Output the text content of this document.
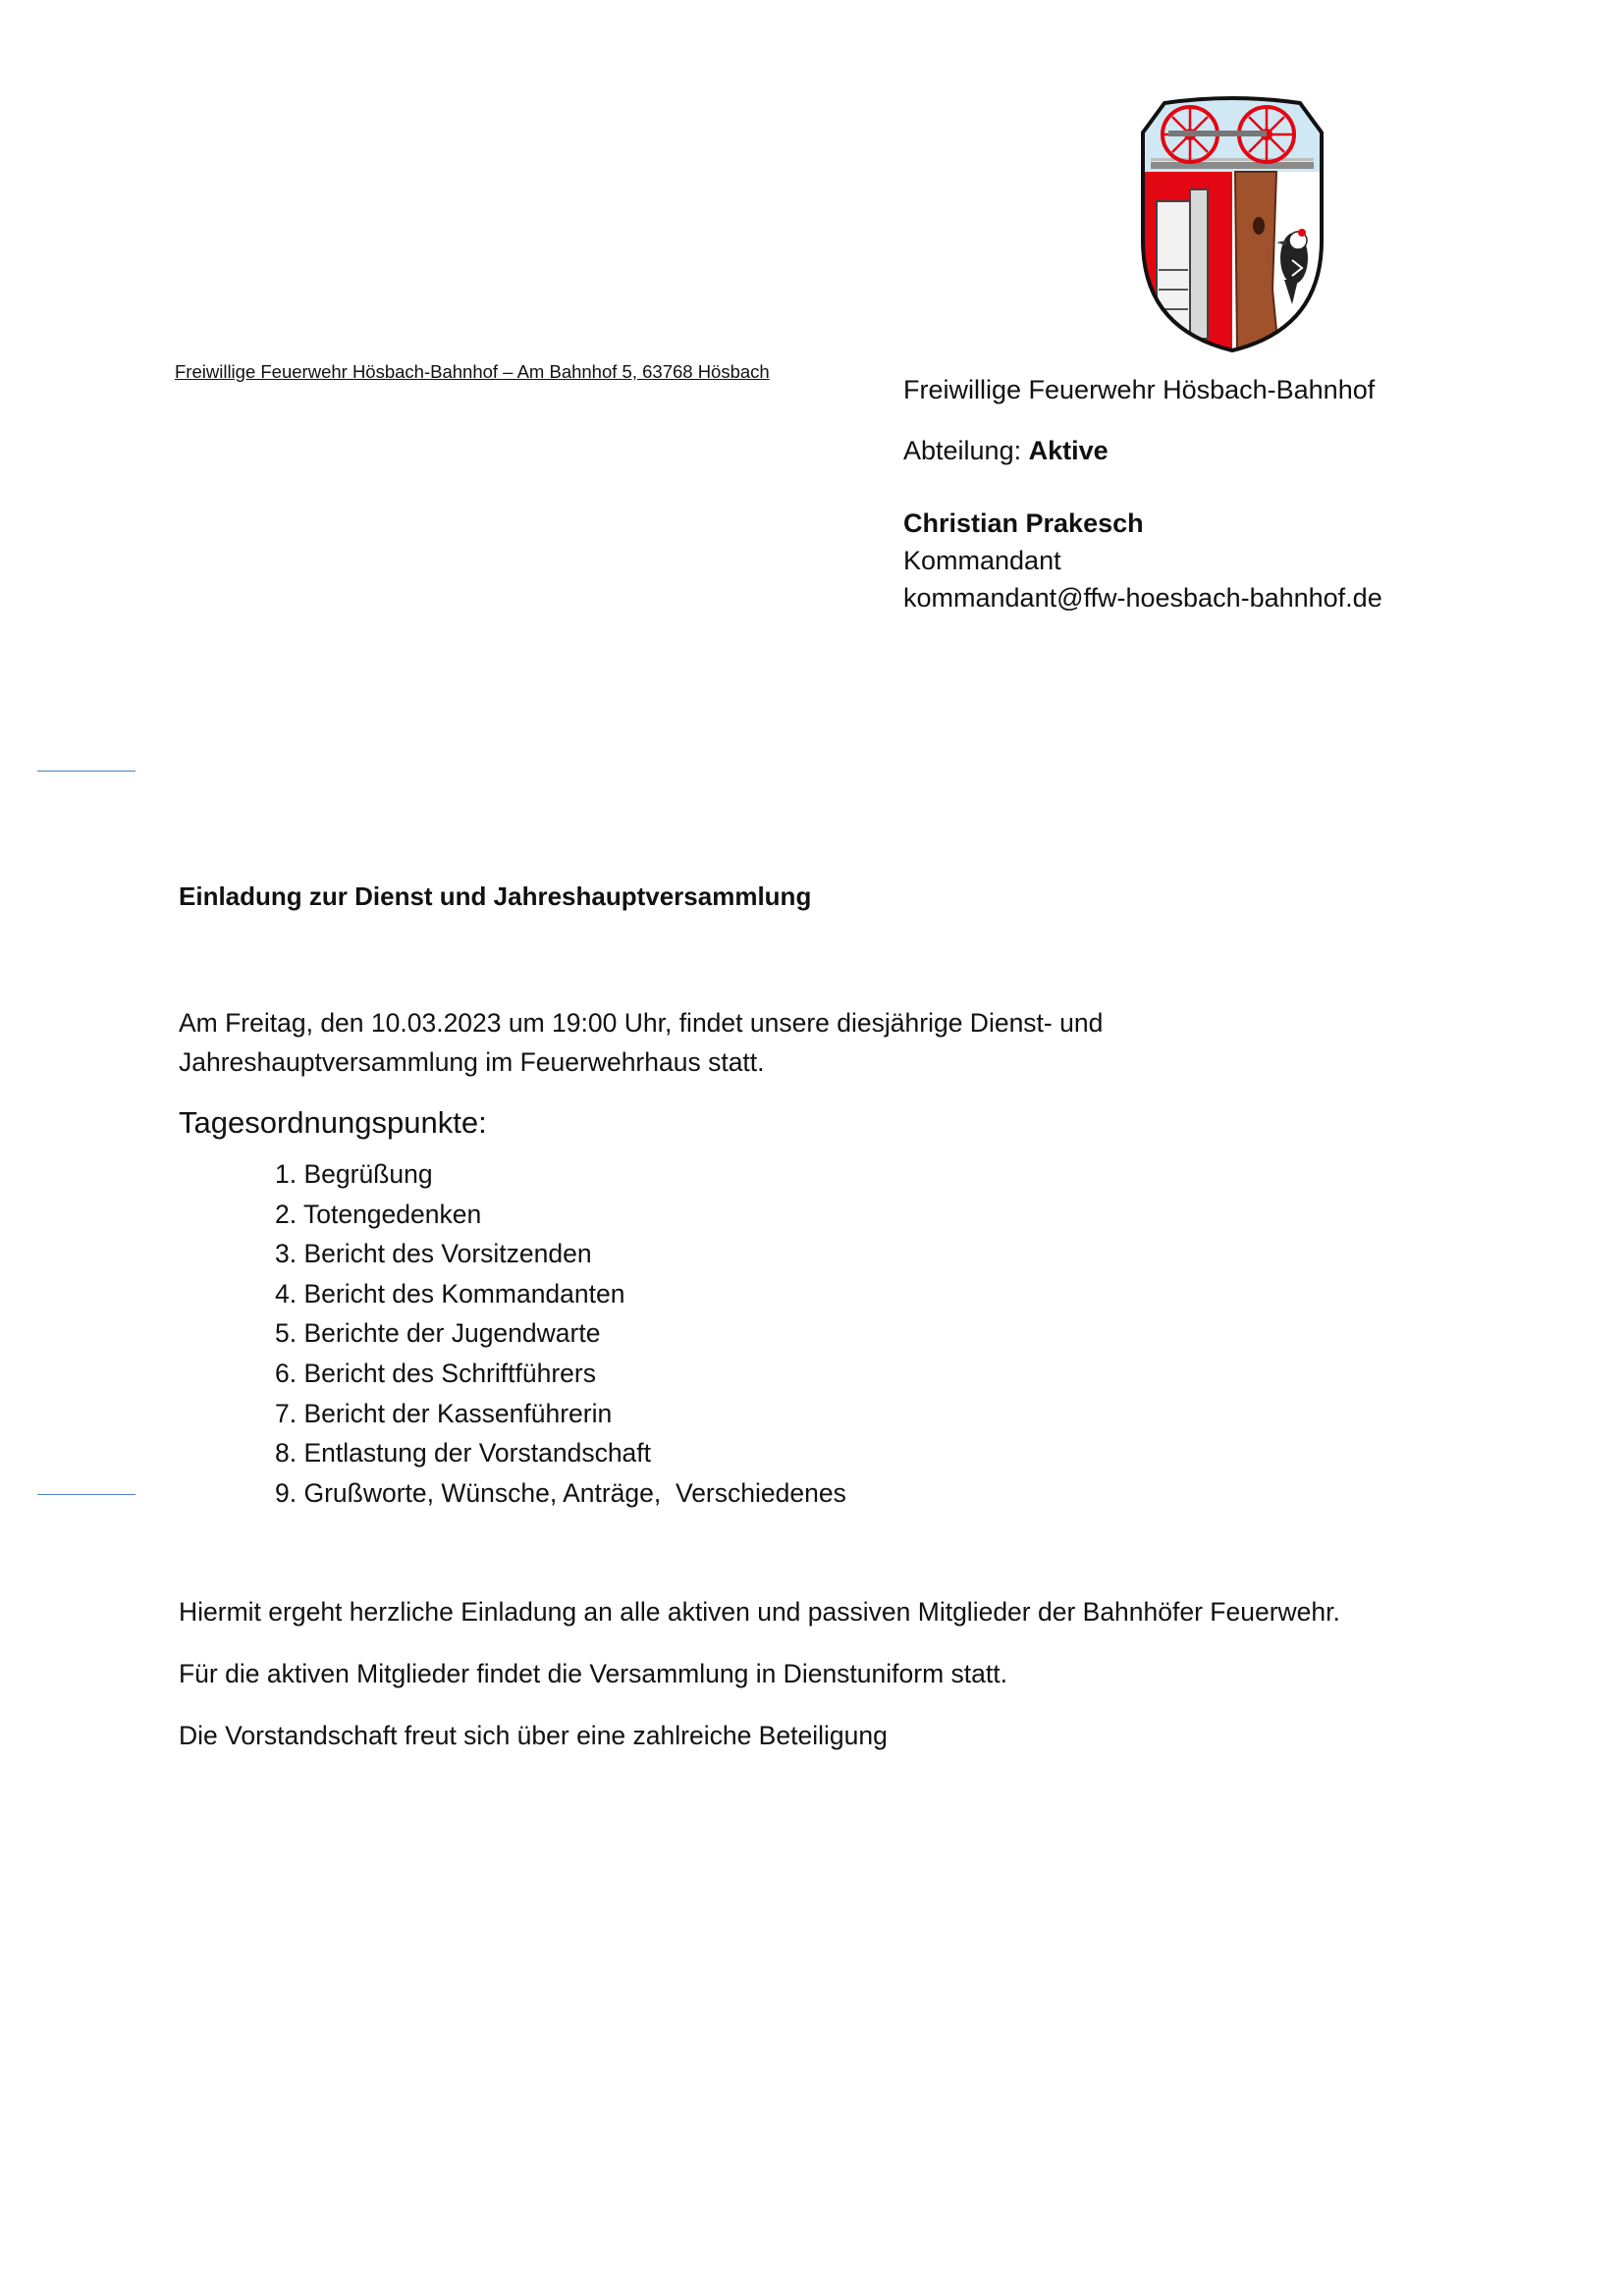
Freiwillige Feuerwehr Hösbach-Bahnhof – Am Bahnhof 5, 63768 Hösbach
Freiwillige Feuerwehr Hösbach-Bahnhof
Abteilung: Aktive
Christian Prakesch
Kommandant
kommandant@ffw-hoesbach-bahnhof.de
Einladung zur Dienst und Jahreshauptversammlung
Am Freitag, den 10.03.2023 um 19:00 Uhr, findet unsere diesjährige Dienst- und
Jahreshauptversammlung im Feuerwehrhaus statt.
Tagesordnungspunkte:
1. Begrüßung
2. Totengedenken
3. Bericht des Vorsitzenden
4. Bericht des Kommandanten
5. Berichte der Jugendwarte
6. Bericht des Schriftführers
7. Bericht der Kassenführerin
8. Entlastung der Vorstandschaft
9. Grußworte, Wünsche, Anträge,  Verschiedenes
Hiermit ergeht herzliche Einladung an alle aktiven und passiven Mitglieder der Bahnhöfer Feuerwehr.
Für die aktiven Mitglieder findet die Versammlung in Dienstuniform statt.
Die Vorstandschaft freut sich über eine zahlreiche Beteiligung
